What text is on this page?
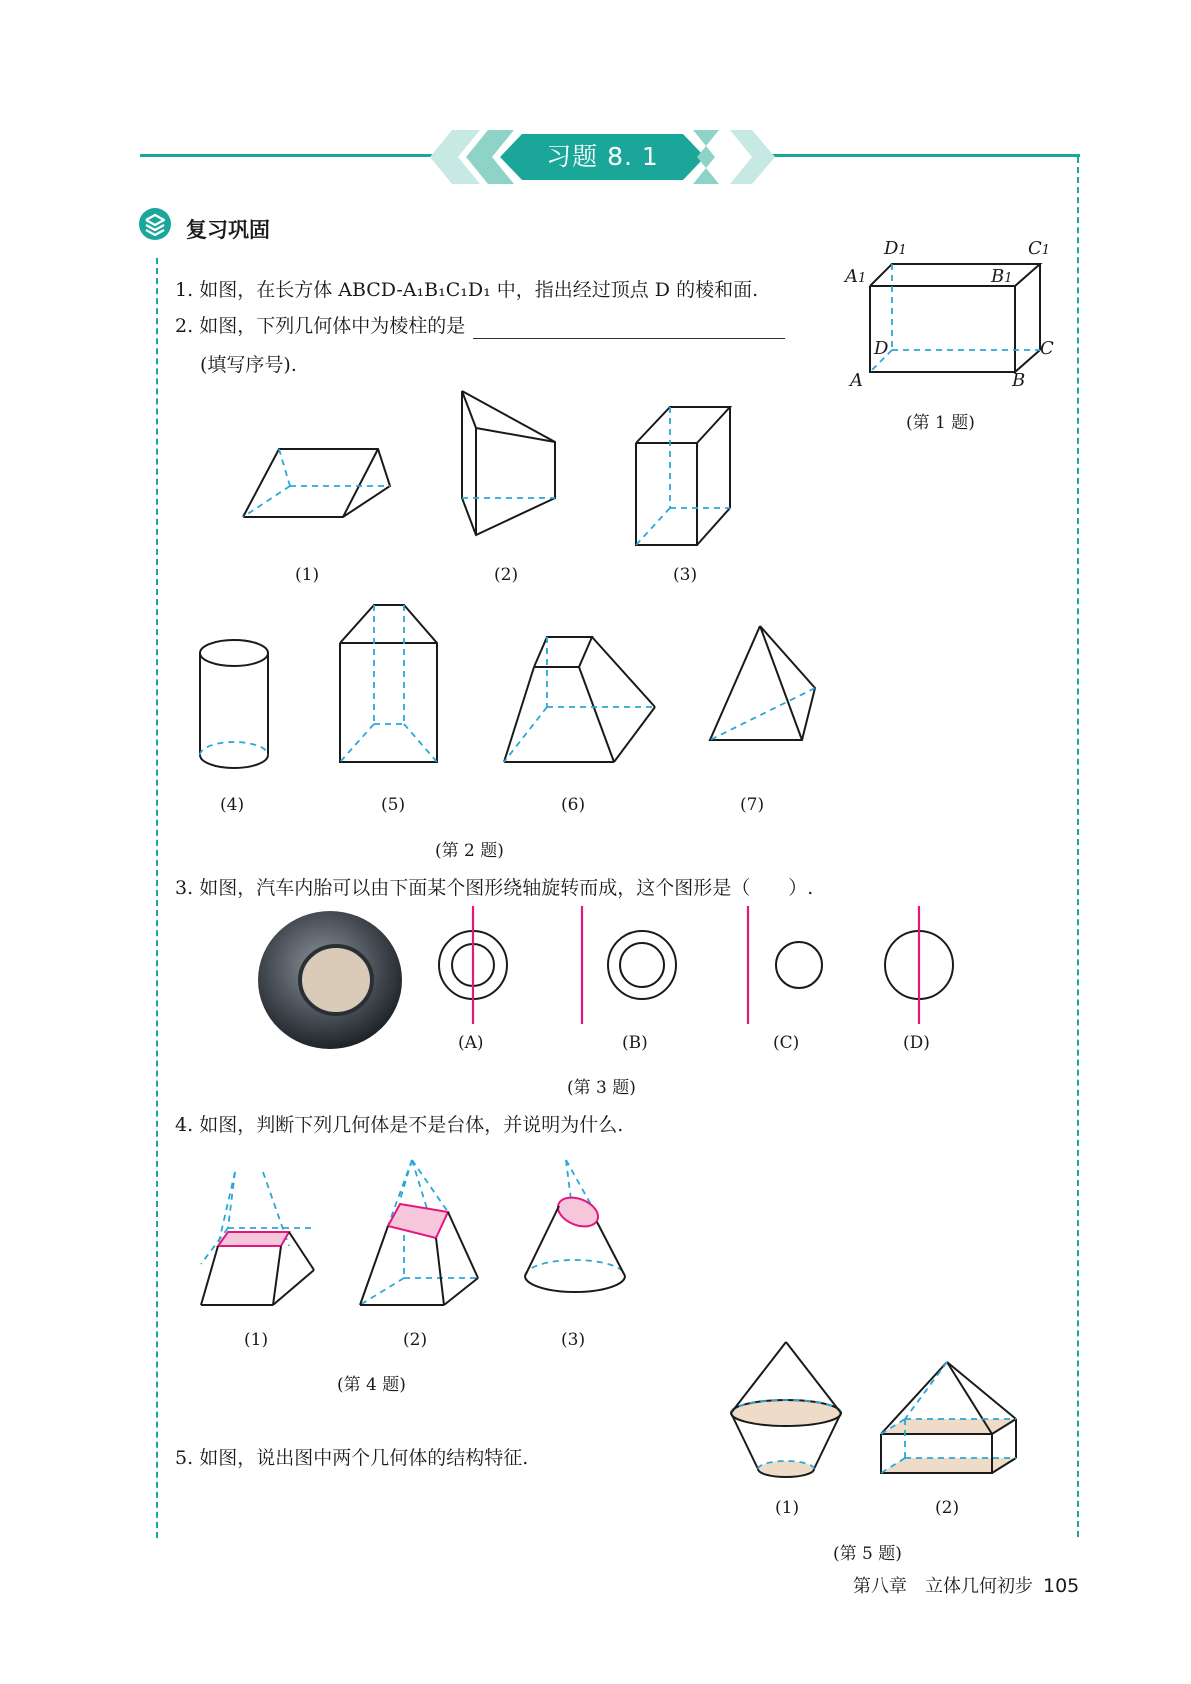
习题 8. 1
复习巩固
1. 如图，在长方体 ABCD-A₁B₁C₁D₁ 中，指出经过顶点 D 的棱和面.
2. 如图，下列几何体中为棱柱的是
(填写序号).
D1	C1
A1	B1
D	C
A	B
(第 1 题)
(1)	(2)	(3)
(4)	(5)	(6)	(7)
(第 2 题)
3. 如图，汽车内胎可以由下面某个图形绕轴旋转而成，这个图形是（　　）.
(A)	(B)	(C)	(D)
(第 3 题)
4. 如图，判断下列几何体是不是台体，并说明为什么.
(1)	(2)	(3)
(第 4 题)
5. 如图，说出图中两个几何体的结构特征.
(1)	(2)
(第 5 题)
第八章　立体几何初步 105
